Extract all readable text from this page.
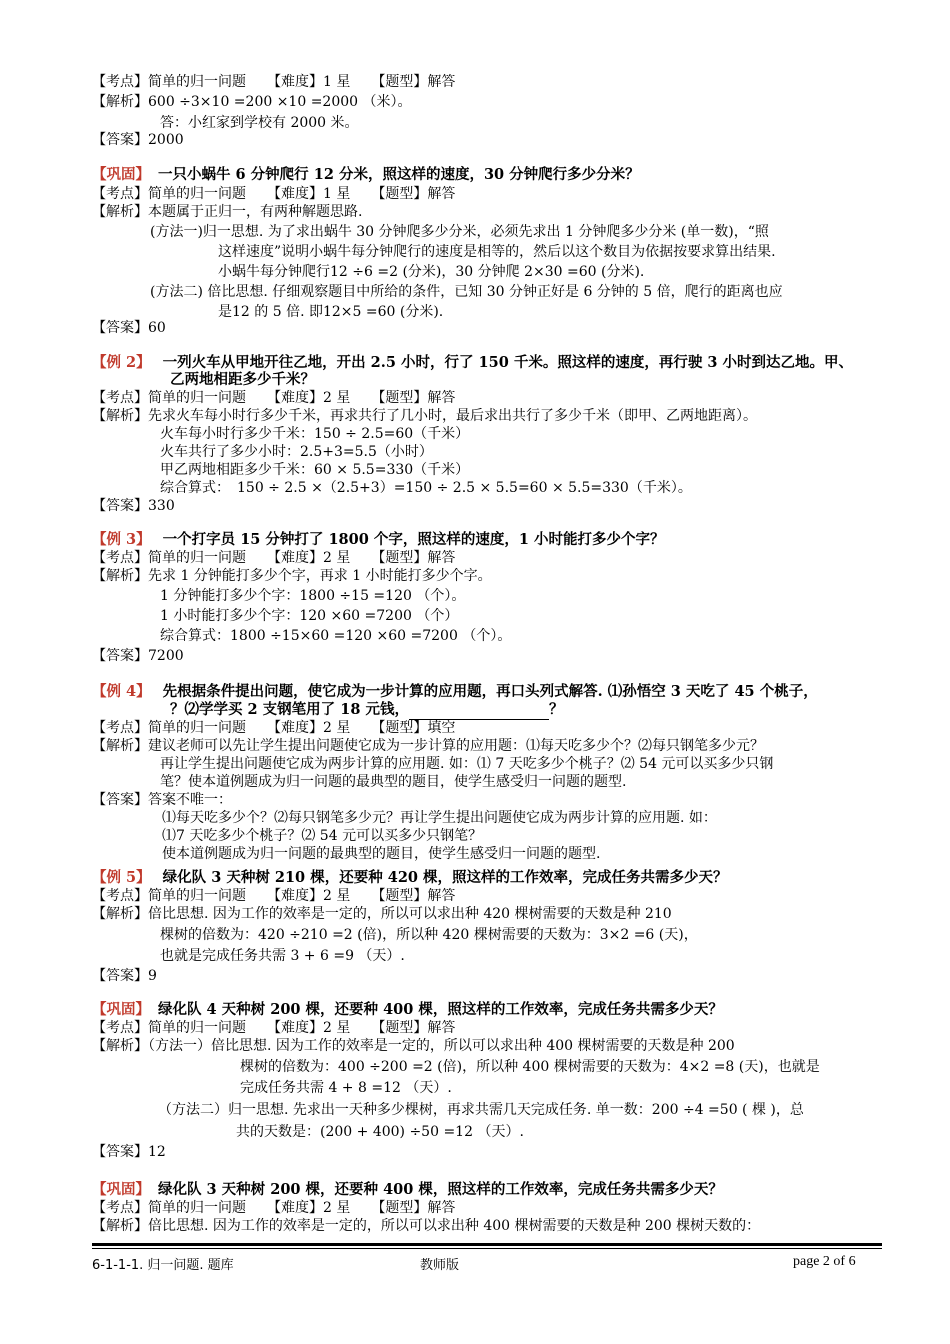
【考点】简单的归一问题　　【难度】1 星　　【题型】解答
【解析】600 ÷3×10 =200 ×10 =2000 （米）。
答：小红家到学校有 2000 米。
【答案】2000
【巩固】 一只小蜗牛 6 分钟爬行 12 分米，照这样的速度，30 分钟爬行多少分米？
【考点】简单的归一问题　　【难度】1 星　　【题型】解答
【解析】本题属于正归一，有两种解题思路.
(方法一)归一思想. 为了求出蜗牛 30 分钟爬多少分米，必须先求出 1 分钟爬多少分米 (单一数)，“照
这样速度”说明小蜗牛每分钟爬行的速度是相等的，然后以这个数目为依据按要求算出结果.
小蜗牛每分钟爬行12 ÷6 =2 (分米)，30 分钟爬 2×30 =60 (分米).
(方法二) 倍比思想. 仔细观察题目中所给的条件，已知 30 分钟正好是 6 分钟的 5 倍，爬行的距离也应
是12 的 5 倍. 即12×5 =60 (分米).
【答案】60
【例 2】 一列火车从甲地开往乙地，开出 2.5 小时，行了 150 千米。照这样的速度，再行驶 3 小时到达乙地。甲、
乙两地相距多少千米？
【考点】简单的归一问题　　【难度】2 星　　【题型】解答
【解析】先求火车每小时行多少千米，再求共行了几小时，最后求出共行了多少千米（即甲、乙两地距离）。
火车每小时行多少千米：150 ÷ 2.5=60（千米）
火车共行了多少小时：2.5+3=5.5（小时）
甲乙两地相距多少千米：60 × 5.5=330（千米）
综合算式：　150 ÷ 2.5 ×（2.5+3）=150 ÷ 2.5 × 5.5=60 × 5.5=330（千米）。
【答案】330
【例 3】 一个打字员 15 分钟打了 1800 个字，照这样的速度，1 小时能打多少个字？
【考点】简单的归一问题　　【难度】2 星　　【题型】解答
【解析】先求 1 分钟能打多少个字，再求 1 小时能打多少个字。
1 分钟能打多少个字：1800 ÷15 =120 （个）。
1 小时能打多少个字：120 ×60 =7200 （个）
综合算式：1800 ÷15×60 =120 ×60 =7200 （个）。
【答案】7200
【例 4】 先根据条件提出问题，使它成为一步计算的应用题，再口头列式解答. ⑴孙悟空 3 天吃了 45 个桃子，
？⑵学学买 2 支钢笔用了 18 元钱，	？
【考点】简单的归一问题　　【难度】2 星　　【题型】填空
【解析】建议老师可以先让学生提出问题使它成为一步计算的应用题：⑴每天吃多少个？⑵每只钢笔多少元？
再让学生提出问题使它成为两步计算的应用题. 如：⑴ 7 天吃多少个桃子？⑵ 54 元可以买多少只钢
笔？使本道例题成为归一问题的最典型的题目，使学生感受归一问题的题型.
【答案】答案不唯一：
⑴每天吃多少个？⑵每只钢笔多少元？再让学生提出问题使它成为两步计算的应用题. 如：
⑴7 天吃多少个桃子？⑵ 54 元可以买多少只钢笔？
使本道例题成为归一问题的最典型的题目，使学生感受归一问题的题型.
【例 5】 绿化队 3 天种树 210 棵，还要种 420 棵，照这样的工作效率，完成任务共需多少天？
【考点】简单的归一问题　　【难度】2 星　　【题型】解答
【解析】倍比思想. 因为工作的效率是一定的，所以可以求出种 420 棵树需要的天数是种 210
棵树的倍数为：420 ÷210 =2 (倍)，所以种 420 棵树需要的天数为：3×2 =6 (天)，
也就是完成任务共需 3 + 6 =9 （天）.
【答案】9
【巩固】 绿化队 4 天种树 200 棵，还要种 400 棵，照这样的工作效率，完成任务共需多少天？
【考点】简单的归一问题　　【难度】2 星　　【题型】解答
【解析】（方法一）倍比思想. 因为工作的效率是一定的，所以可以求出种 400 棵树需要的天数是种 200
棵树的倍数为：400 ÷200 =2 (倍)，所以种 400 棵树需要的天数为：4×2 =8 (天)，也就是
完成任务共需 4 + 8 =12 （天）.
（方法二）归一思想. 先求出一天种多少棵树，再求共需几天完成任务. 单一数：200 ÷4 =50 ( 棵 )，总
共的天数是：(200 + 400) ÷50 =12 （天）.
【答案】12
【巩固】 绿化队 3 天种树 200 棵，还要种 400 棵，照这样的工作效率，完成任务共需多少天？
【考点】简单的归一问题　　【难度】2 星　　【题型】解答
【解析】倍比思想. 因为工作的效率是一定的，所以可以求出种 400 棵树需要的天数是种 200 棵树天数的：
6-1-1-1. 归一问题. 题库	教师版	page 2 of 6
